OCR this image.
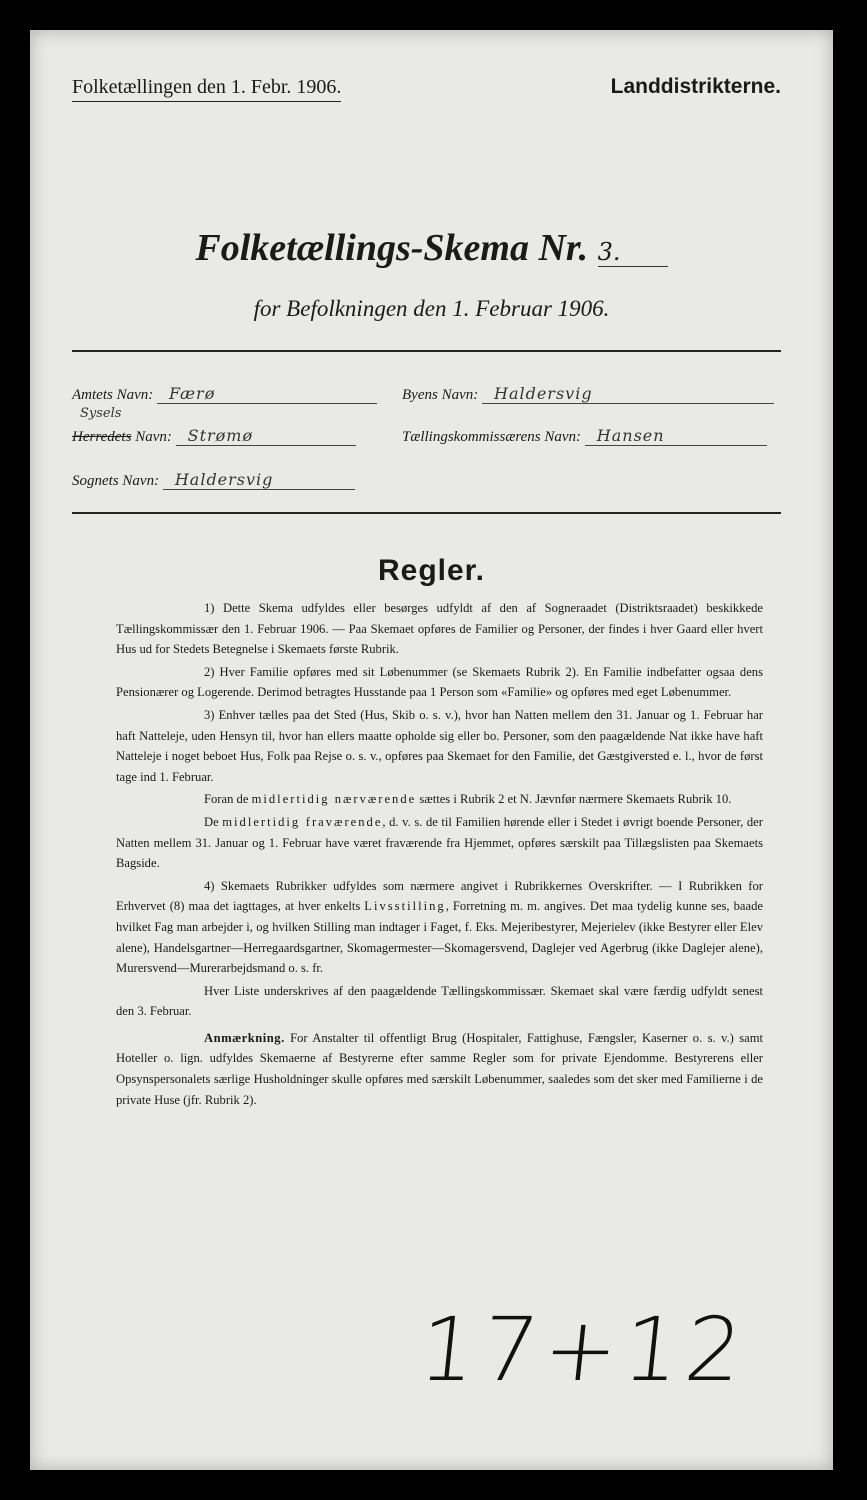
Folketællingen den 1. Febr. 1906.	Landdistrikterne.
Folketællings-Skema Nr. 3.
for Befolkningen den 1. Februar 1906.
Amtets Navn: Færø	Byens Navn: Haldersvig
Sysels
Herredets Navn: Strømø	Tællingskommissærens Navn: Hansen
Sognets Navn: Haldersvig
Regler.

1) Dette Skema udfyldes eller besørges udfyldt af den af Sogneraadet (Distriktsraadet) beskikkede Tællingskommissær den 1. Februar 1906. — Paa Skemaet opføres de Familier og Personer, der findes i hver Gaard eller hvert Hus ud for Stedets Betegnelse i Skemaets første Rubrik.

2) Hver Familie opføres med sit Løbenummer (se Skemaets Rubrik 2). En Familie indbefatter ogsaa dens Pensionærer og Logerende. Derimod betragtes Husstande paa 1 Person som «Familie» og opføres med eget Løbenummer.

3) Enhver tælles paa det Sted (Hus, Skib o. s. v.), hvor han Natten mellem den 31. Januar og 1. Februar har haft Natteleje, uden Hensyn til, hvor han ellers maatte opholde sig eller bo. Personer, som den paagældende Nat ikke have haft Natteleje i noget beboet Hus, Folk paa Rejse o. s. v., opføres paa Skemaet for den Familie, det Gæstgiversted e. l., hvor de først tage ind 1. Februar.

Foran de midlertidig nærværende sættes i Rubrik 2 et N. Jævnfør nærmere Skemaets Rubrik 10.

De midlertidig fraværende, d. v. s. de til Familien hørende eller i Stedet i øvrigt boende Personer, der Natten mellem 31. Januar og 1. Februar have været fraværende fra Hjemmet, opføres særskilt paa Tillægslisten paa Skemaets Bagside.

4) Skemaets Rubrikker udfyldes som nærmere angivet i Rubrikkernes Overskrifter. — I Rubrikken for Erhvervet (8) maa det iagttages, at hver enkelts Livsstilling, Forretning m. m. angives. Det maa tydelig kunne ses, baade hvilket Fag man arbejder i, og hvilken Stilling man indtager i Faget, f. Eks. Mejeribestyrer, Mejerielev (ikke Bestyrer eller Elev alene), Handelsgartner—Herregaardsgartner, Skomagermester—Skomagersvend, Daglejer ved Agerbrug (ikke Daglejer alene), Murersvend—Murerarbejdsmand o. s. fr.

Hver Liste underskrives af den paagældende Tællingskommissær. Skemaet skal være færdig udfyldt senest den 3. Februar.

Anmærkning. For Anstalter til offentligt Brug (Hospitaler, Fattighuse, Fængsler, Kaserner o. s. v.) samt Hoteller o. lign. udfyldes Skemaerne af Bestyrerne efter samme Regler som for private Ejendomme. Bestyrerens eller Opsynspersonalets særlige Husholdninger skulle opføres med særskilt Løbenummer, saaledes som det sker med Familierne i de private Huse (jfr. Rubrik 2).

17+12
